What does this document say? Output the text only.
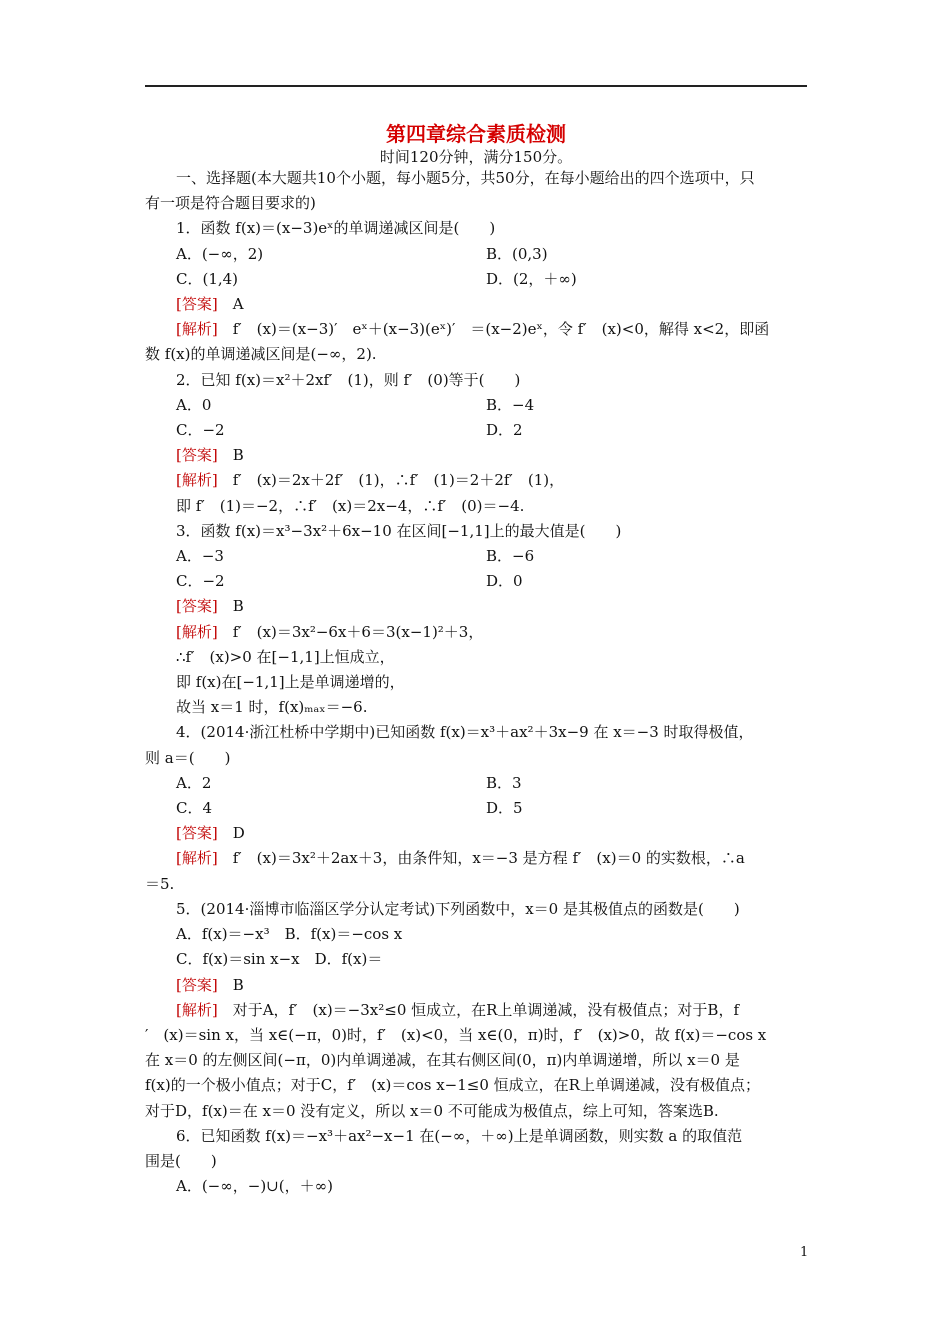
第四章综合素质检测
时间120分钟，满分150分。
一、选择题(本大题共10个小题，每小题5分，共50分，在每小题给出的四个选项中，只
有一项是符合题目要求的)
1．函数 f(x)＝(x−3)eˣ的单调递减区间是(　　)
A．(−∞，2)	B．(0,3)
C．(1,4)	D．(2，＋∞)
[答案]　 A
[解析]　f′　(x)＝(x−3)′　eˣ＋(x−3)(eˣ)′　＝(x−2)eˣ，令 f′　(x)<0，解得 x<2，即函
数 f(x)的单调递减区间是(−∞，2).
2．已知 f(x)＝x²＋2xf′　(1)，则 f′　(0)等于(　　)
A．0	B．−4
C．−2	D．2
[答案]　 B
[解析]　f′　(x)＝2x＋2f′　(1)，∴f′　(1)＝2＋2f′　(1)，
即 f′　(1)＝−2，∴f′　(x)＝2x−4，∴f′　(0)＝−4.
3．函数 f(x)＝x³−3x²＋6x−10 在区间[−1,1]上的最大值是(　　)
A．−3	B．−6
C．−2	D．0
[答案]　 B
[解析]　f′　(x)＝3x²−6x＋6＝3(x−1)²＋3，
∴f′　(x)>0 在[−1,1]上恒成立，
即 f(x)在[−1,1]上是单调递增的，
故当 x＝1 时，f(x)ₘₐₓ＝−6.
4．(2014·浙江杜桥中学期中)已知函数 f(x)＝x³＋ax²＋3x−9 在 x＝−3 时取得极值，
则 a＝(　　)
A．2	B．3
C．4	D．5
[答案]　 D
[解析]　f′　(x)＝3x²＋2ax＋3，由条件知，x＝−3 是方程 f′　(x)＝0 的实数根，∴a
＝5.
5．(2014·淄博市临淄区学分认定考试)下列函数中，x＝0 是其极值点的函数是(　　)
A．f(x)＝−x³　B．f(x)＝−cos x
C．f(x)＝sin x−x　D．f(x)＝
[答案]　 B
[解析]　对于A，f′　(x)＝−3x²≤0 恒成立，在R上单调递减，没有极值点；对于B，f
′　(x)＝sin x，当 x∈(−π，0)时，f′　(x)<0，当 x∈(0，π)时，f′　(x)>0，故 f(x)＝−cos x
在 x＝0 的左侧区间(−π，0)内单调递减，在其右侧区间(0，π)内单调递增，所以 x＝0 是
f(x)的一个极小值点；对于C，f′　(x)＝cos x−1≤0 恒成立，在R上单调递减，没有极值点；
对于D，f(x)＝在 x＝0 没有定义，所以 x＝0 不可能成为极值点，综上可知，答案选B.
6．已知函数 f(x)＝−x³＋ax²−x−1 在(−∞，＋∞)上是单调函数，则实数 a 的取值范
围是(　　)
A．(−∞，−)∪(，＋∞)
1
